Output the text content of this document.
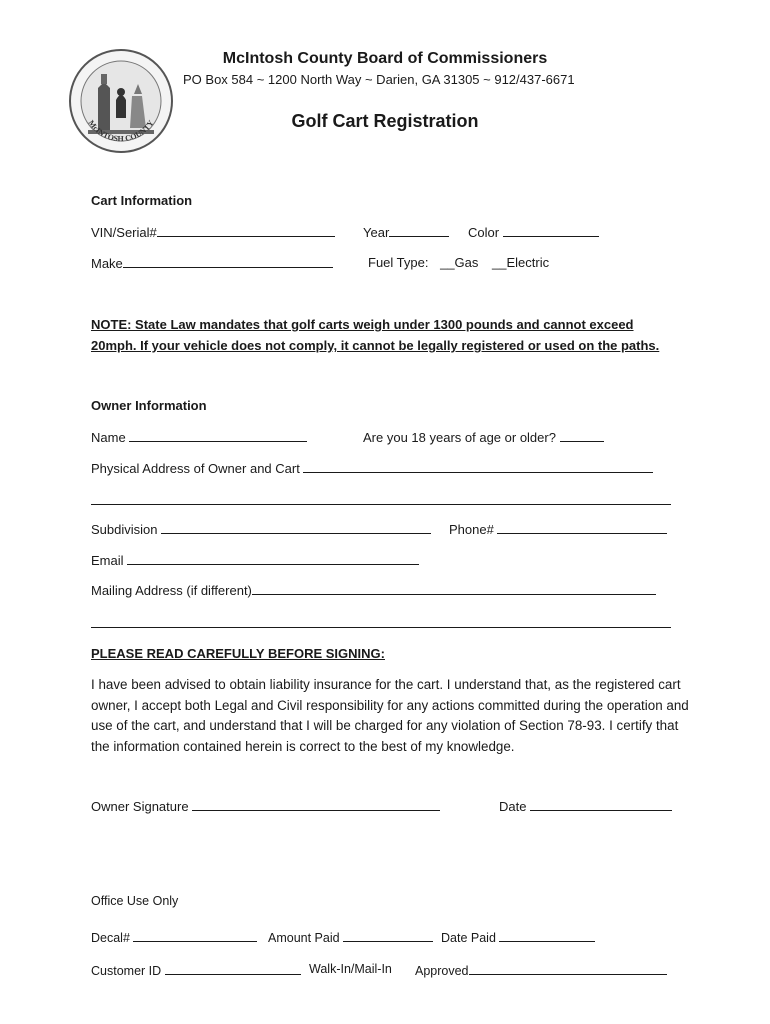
McINTOSH COUNTY
McIntosh County Board of Commissioners
PO Box 584 ~ 1200 North Way ~ Darien, GA 31305 ~ 912/437-6671
Golf Cart Registration
Cart Information
VIN/Serial#	Year	Color
Make	Fuel Type: __Gas __Electric
NOTE: State Law mandates that golf carts weigh under 1300 pounds and cannot exceed
20mph. If your vehicle does not comply, it cannot be legally registered or used on the paths.
Owner Information
Name	Are you 18 years of age or older?
Physical Address of Owner and Cart
Subdivision	Phone#
Email
Mailing Address (if different)
PLEASE READ CAREFULLY BEFORE SIGNING:
I have been advised to obtain liability insurance for the cart. I understand that, as the registered cart owner, I accept both Legal and Civil responsibility for any actions committed during the operation and use of the cart, and understand that I will be charged for any violation of Section 78-93. I certify that the information contained herein is correct to the best of my knowledge.
Owner Signature	Date
Office Use Only
Decal#	Amount Paid	Date Paid
Customer ID	Walk-In/Mail-In Approved
